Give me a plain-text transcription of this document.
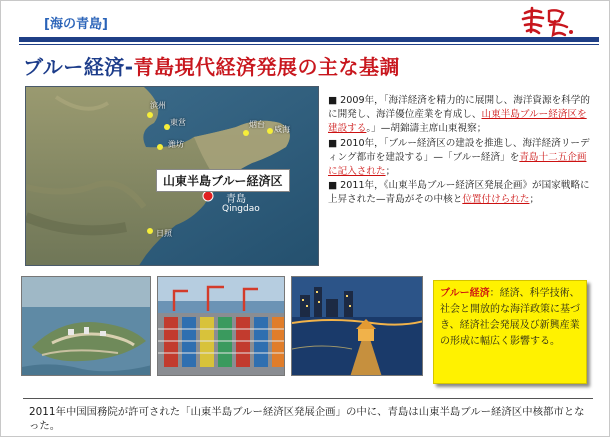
[海の青島]
ブルー経済-青島現代経済発展の主な基調
滨州
東営
潍坊
烟台
威海
日照
山東半島ブルー経済区
青島
Qingdao

■ 2009年，「海洋経済を精力的に展開し、海洋資源を科学的に開発し、海洋優位産業を育成し、山東半島ブルー経済区を建設する。」—胡錦濤主席山東視察；

■ 2010年，「ブルー経済区の建設を推進し、海洋経済リーディング都市を建設する」—「ブルー経済」を青島十二五企画に記入された；

■ 2011年，《山東半島ブルー経済区発展企画》が国家戦略に上昇された—青島がその中核と位置付けられた；

ブルー経済：経済、科学技術、社会と開放的な海洋政策に基づき、経済社会発展及び新興産業の形成に幅広く影響する。
2011年中国国務院が許可された「山東半島ブルー経済区発展企画」の中に、青島は山東半島ブルー経済区中核都市となった。
